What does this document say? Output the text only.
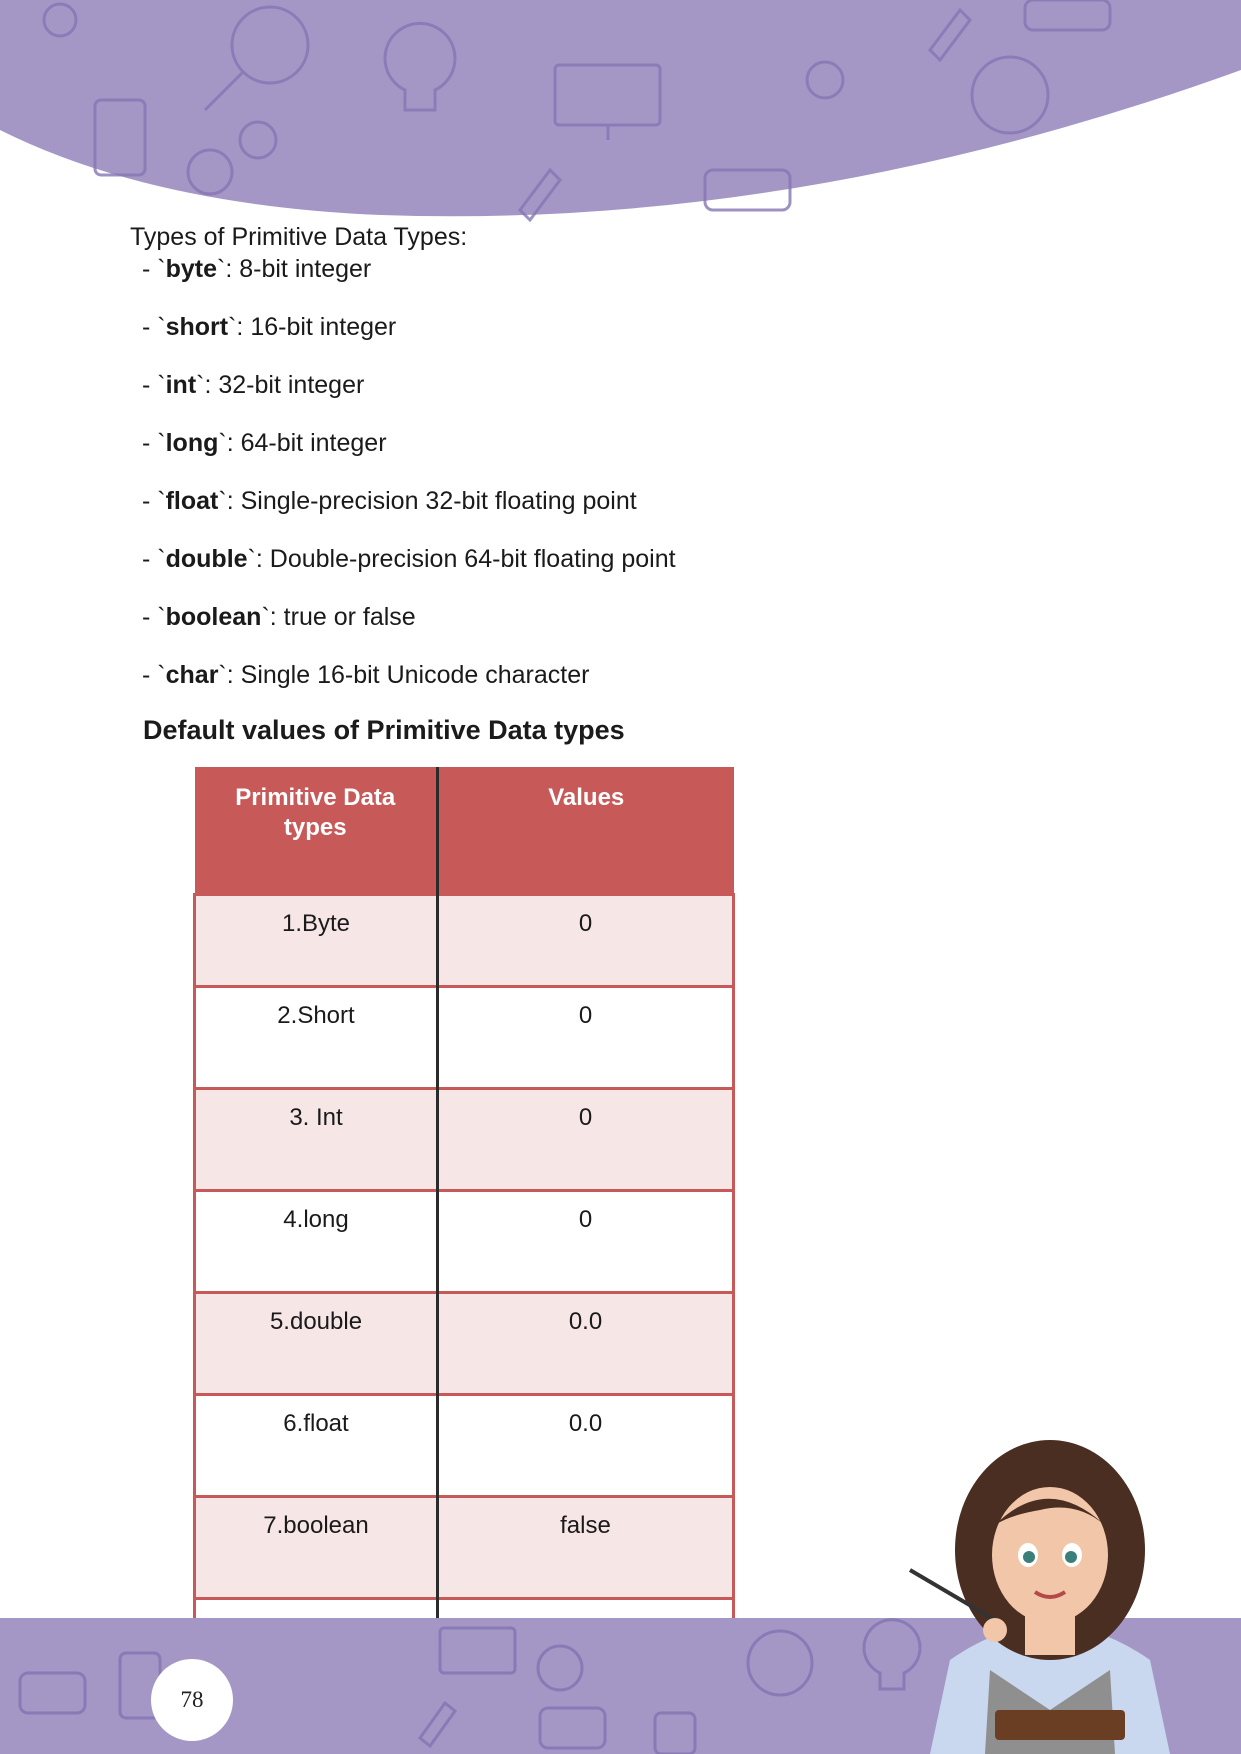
Types of Primitive Data Types:

- `byte`: 8-bit integer
- `short`: 16-bit integer
- `int`: 32-bit integer
- `long`: 64-bit integer
- `float`: Single-precision 32-bit floating point
- `double`: Double-precision 64-bit floating point
- `boolean`: true or false
- `char`: Single 16-bit Unicode character
Default values of Primitive Data types
Primitive Data types	Values
1.Byte	0
2.Short	0
3. Int	0
4.long	0
5.double	0.0
6.float	0.0
7.boolean	false

78
